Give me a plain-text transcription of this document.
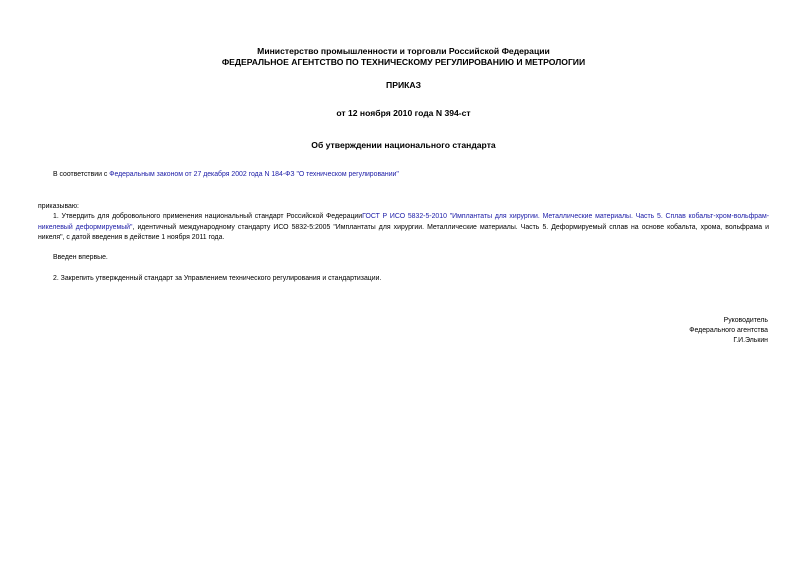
Министерство промышленности и торговли Российской Федерации
ФЕДЕРАЛЬНОЕ АГЕНТСТВО ПО ТЕХНИЧЕСКОМУ РЕГУЛИРОВАНИЮ И МЕТРОЛОГИИ
ПРИКАЗ
от 12 ноября 2010 года N 394-ст
Об утверждении национального стандарта
В соответствии с Федеральным законом от 27 декабря 2002 года N 184-ФЗ "О техническом регулировании"
приказываю:
1. Утвердить для добровольного применения национальный стандарт Российской ФедерацииГОСТ Р ИСО 5832-5-2010 "Имплантаты для хирургии. Металлические материалы. Часть 5. Сплав кобальт-хром-вольфрам-никелевый деформируемый", идентичный международному стандарту ИСО 5832-5:2005 "Имплантаты для хирургии. Металлические материалы. Часть 5. Деформируемый сплав на основе кобальта, хрома, вольфрама и никеля", с датой введения в действие 1 ноября 2011 года.
Введен впервые.
2. Закрепить утвержденный стандарт за Управлением технического регулирования и стандартизации.
Руководитель
Федерального агентства
Г.И.Элькин
